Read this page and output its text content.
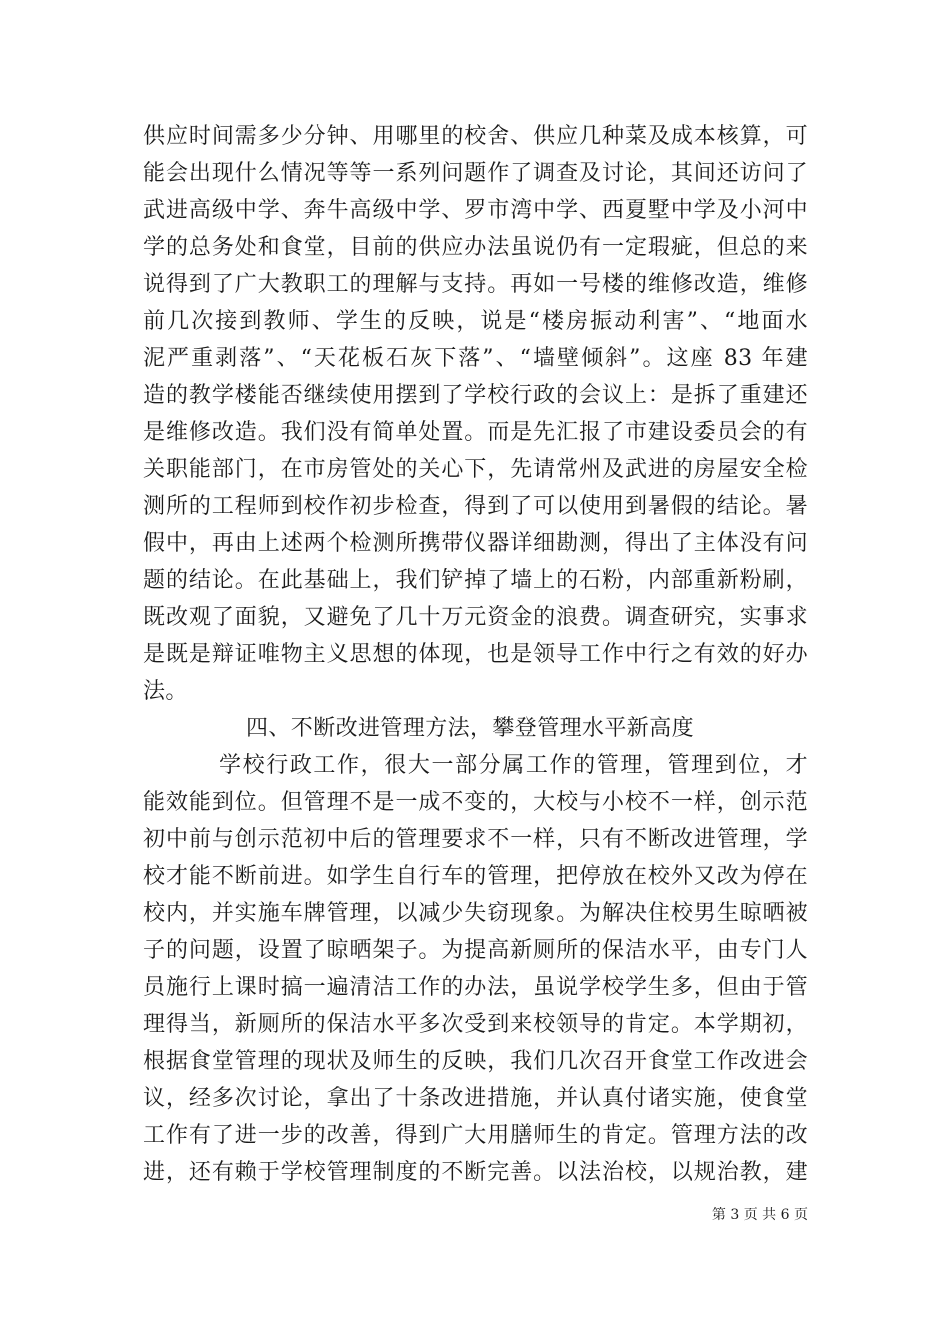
供应时间需多少分钟、用哪里的校舍、供应几种菜及成本核算，可
能会出现什么情况等等一系列问题作了调查及讨论，其间还访问了
武进高级中学、奔牛高级中学、罗市湾中学、西夏墅中学及小河中
学的总务处和食堂，目前的供应办法虽说仍有一定瑕疵，但总的来
说得到了广大教职工的理解与支持。再如一号楼的维修改造，维修
前几次接到教师、学生的反映，说是“楼房振动利害”、“地面水
泥严重剥落”、“天花板石灰下落”、“墙壁倾斜”。这座 83 年建
造的教学楼能否继续使用摆到了学校行政的会议上：是拆了重建还
是维修改造。我们没有简单处置。而是先汇报了市建设委员会的有
关职能部门，在市房管处的关心下，先请常州及武进的房屋安全检
测所的工程师到校作初步检查，得到了可以使用到暑假的结论。暑
假中，再由上述两个检测所携带仪器详细勘测，得出了主体没有问
题的结论。在此基础上，我们铲掉了墙上的石粉，内部重新粉刷，
既改观了面貌，又避免了几十万元资金的浪费。调查研究，实事求
是既是辩证唯物主义思想的体现，也是领导工作中行之有效的好办
法。
四、不断改进管理方法，攀登管理水平新高度
学校行政工作，很大一部分属工作的管理，管理到位，才
能效能到位。但管理不是一成不变的，大校与小校不一样，创示范
初中前与创示范初中后的管理要求不一样，只有不断改进管理，学
校才能不断前进。如学生自行车的管理，把停放在校外又改为停在
校内，并实施车牌管理，以减少失窃现象。为解决住校男生晾晒被
子的问题，设置了晾晒架子。为提高新厕所的保洁水平，由专门人
员施行上课时搞一遍清洁工作的办法，虽说学校学生多，但由于管
理得当，新厕所的保洁水平多次受到来校领导的肯定。本学期初，
根据食堂管理的现状及师生的反映，我们几次召开食堂工作改进会
议，经多次讨论，拿出了十条改进措施，并认真付诸实施，使食堂
工作有了进一步的改善，得到广大用膳师生的肯定。管理方法的改
进，还有赖于学校管理制度的不断完善。以法治校，以规治教，建
第 3 页 共 6 页
